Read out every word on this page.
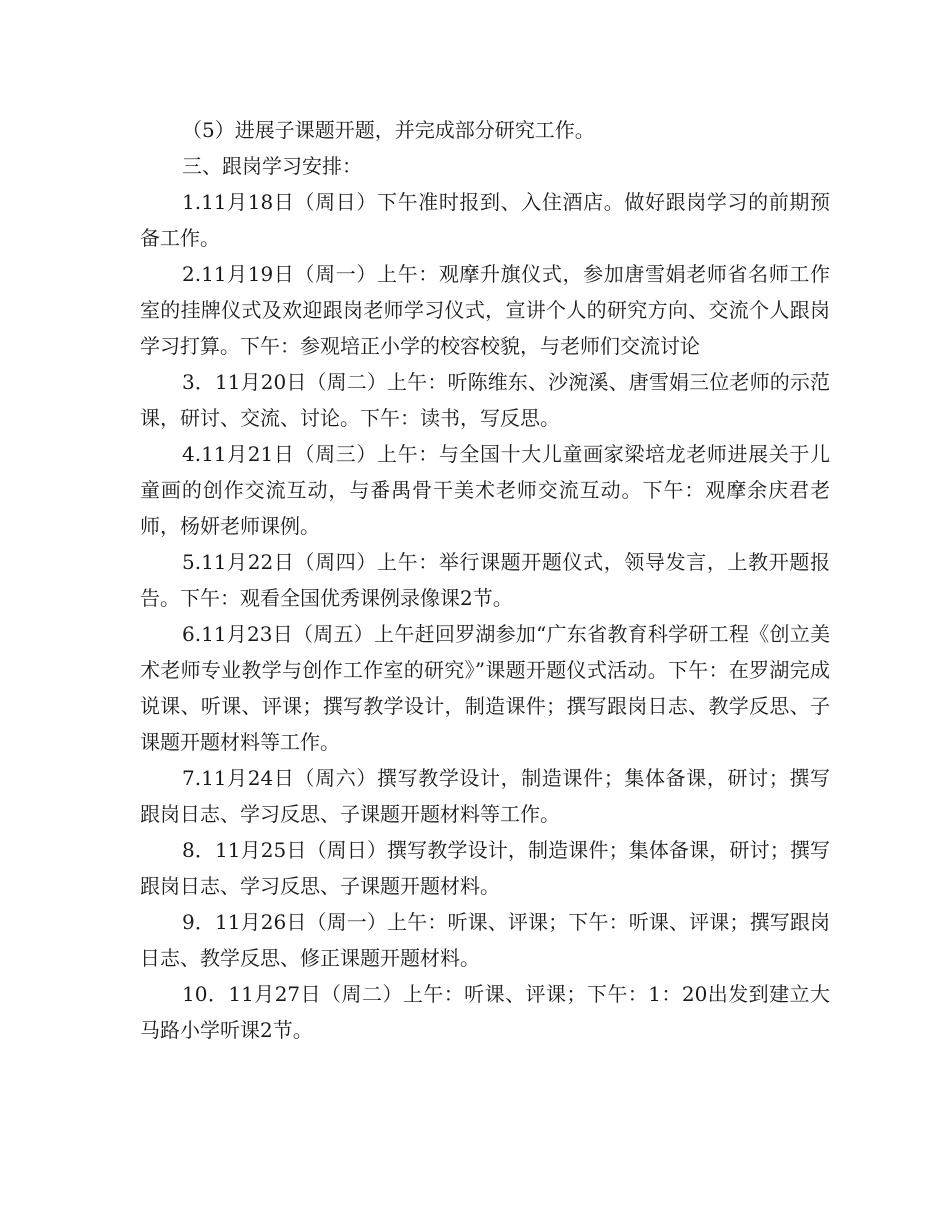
（5）进展子课题开题，并完成部分研究工作。

三、跟岗学习安排：

1.11月18日（周日）下午准时报到、入住酒店。做好跟岗学习的前期预备工作。

2.11月19日（周一）上午：观摩升旗仪式，参加唐雪娟老师省名师工作室的挂牌仪式及欢迎跟岗老师学习仪式，宣讲个人的研究方向、交流个人跟岗学习打算。下午：参观培正小学的校容校貌，与老师们交流讨论

3．11月20日（周二）上午：听陈维东、沙涴溪、唐雪娟三位老师的示范课，研讨、交流、讨论。下午：读书，写反思。

4.11月21日（周三）上午：与全国十大儿童画家梁培龙老师进展关于儿童画的创作交流互动，与番禺骨干美术老师交流互动。下午：观摩余庆君老师，杨妍老师课例。

5.11月22日（周四）上午：举行课题开题仪式，领导发言，上教开题报告。下午：观看全国优秀课例录像课2节。

6.11月23日（周五）上午赶回罗湖参加“广东省教育科学研工程《创立美术老师专业教学与创作工作室的研究》”课题开题仪式活动。下午：在罗湖完成说课、听课、评课；撰写教学设计，制造课件；撰写跟岗日志、教学反思、子课题开题材料等工作。

7.11月24日（周六）撰写教学设计，制造课件；集体备课，研讨；撰写跟岗日志、学习反思、子课题开题材料等工作。

8．11月25日（周日）撰写教学设计，制造课件；集体备课，研讨；撰写跟岗日志、学习反思、子课题开题材料。

9．11月26日（周一）上午：听课、评课；下午：听课、评课；撰写跟岗日志、教学反思、修正课题开题材料。

10．11月27日（周二）上午：听课、评课；下午：1：20出发到建立大马路小学听课2节。
